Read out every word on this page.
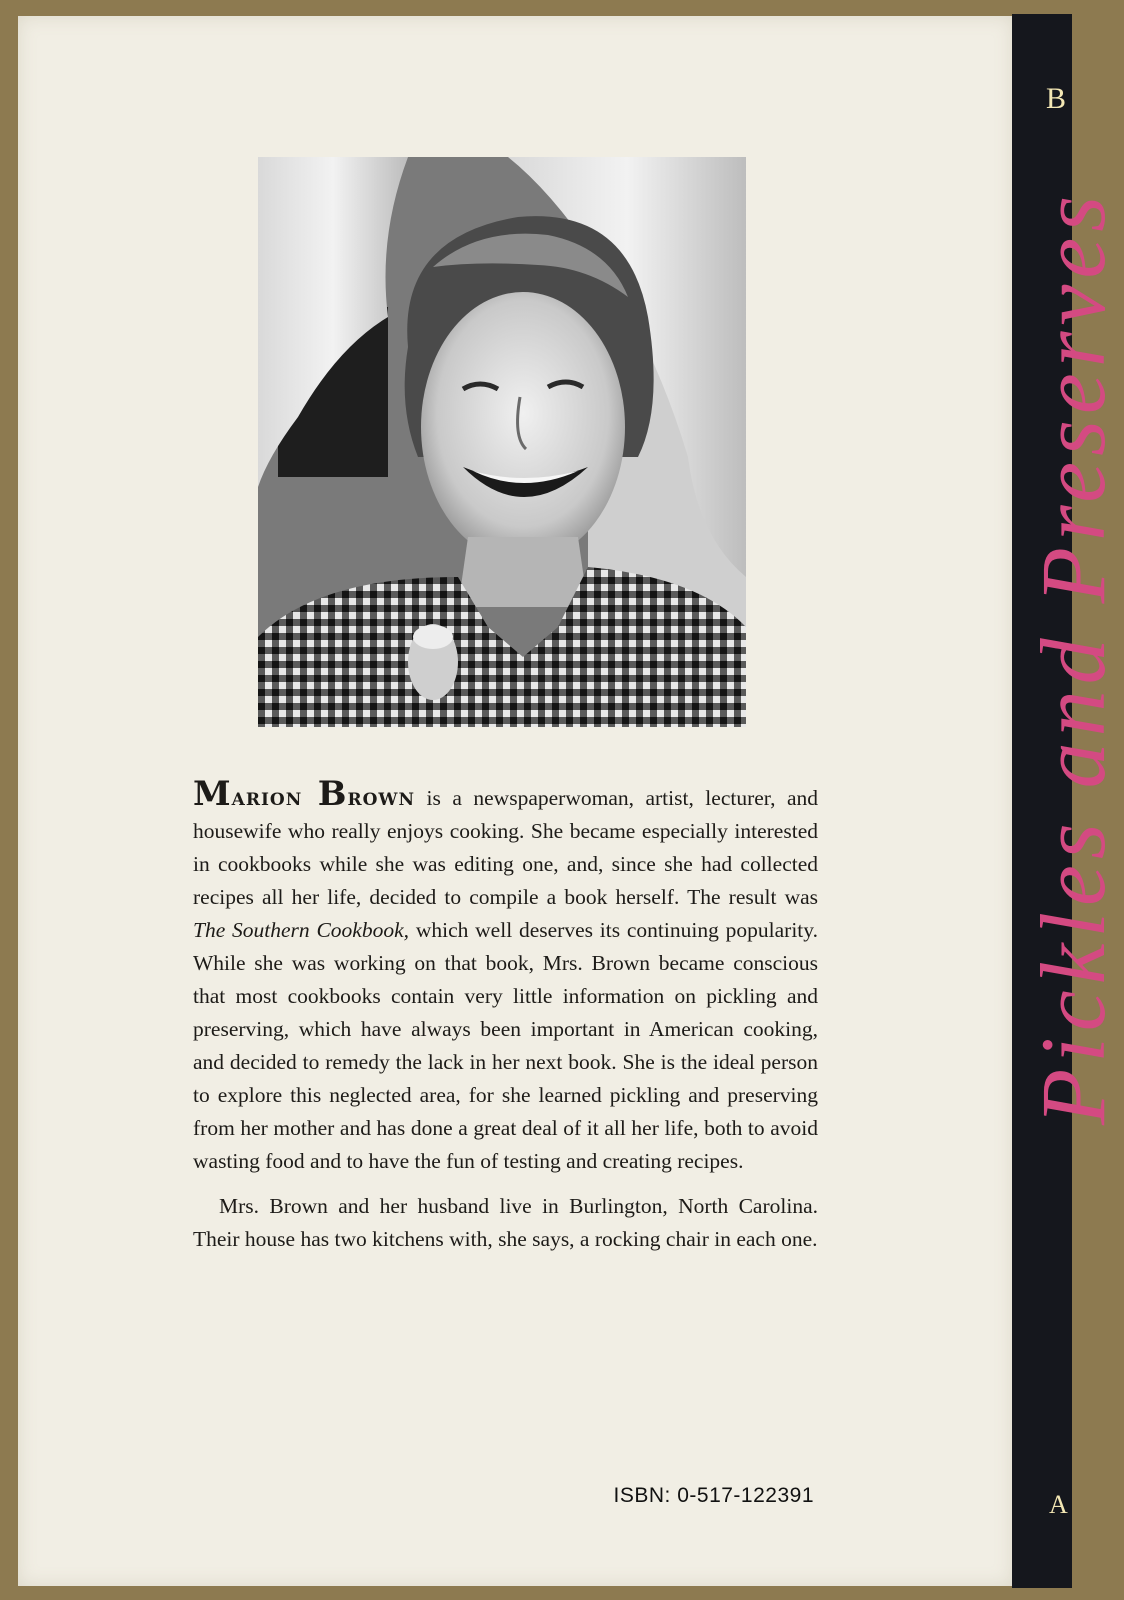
B
Pickles and Preserves
A

Marion Brown is a newspaperwoman, artist, lecturer, and housewife who really enjoys cooking. She became especially interested in cookbooks while she was editing one, and, since she had collected recipes all her life, decided to compile a book herself. The result was The Southern Cookbook, which well deserves its continuing popularity. While she was working on that book, Mrs. Brown became conscious that most cookbooks contain very little information on pickling and preserving, which have always been important in American cooking, and decided to remedy the lack in her next book. She is the ideal person to explore this neglected area, for she learned pickling and preserving from her mother and has done a great deal of it all her life, both to avoid wasting food and to have the fun of testing and creating recipes.

Mrs. Brown and her husband live in Burlington, North Carolina. Their house has two kitchens with, she says, a rocking chair in each one.

ISBN: 0-517-122391
